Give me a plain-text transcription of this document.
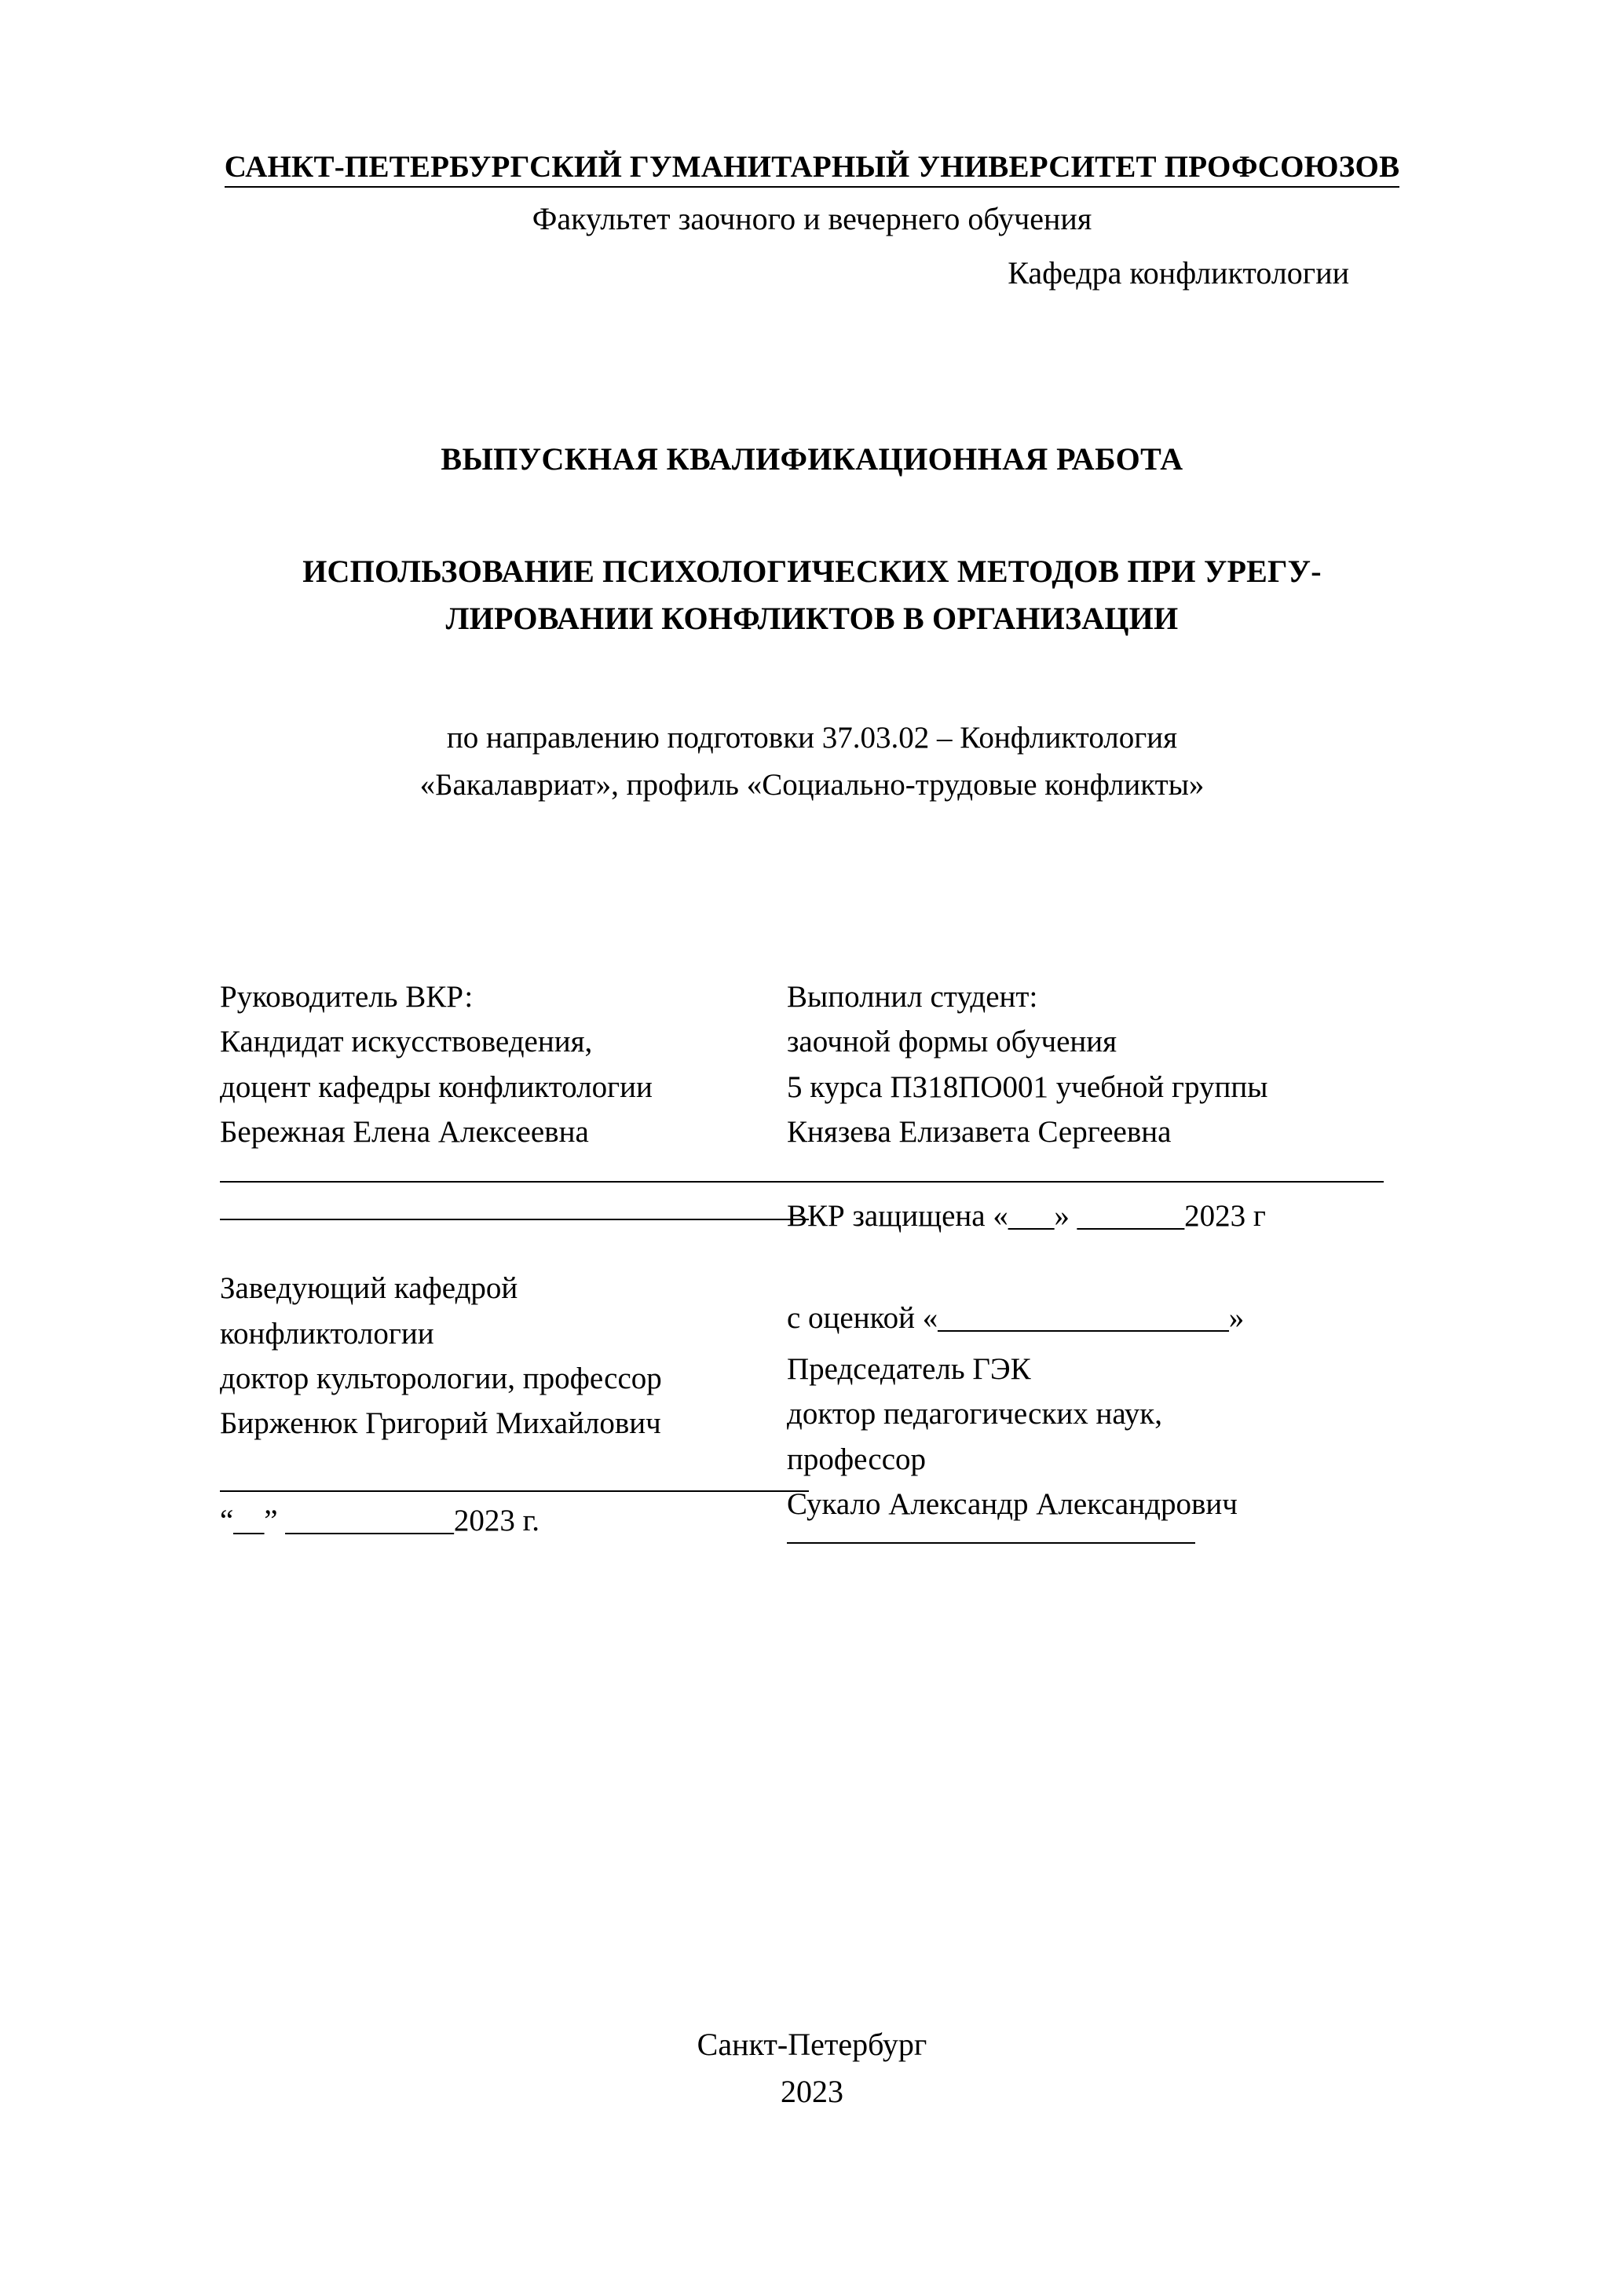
САНКТ-ПЕТЕРБУРГСКИЙ ГУМАНИТАРНЫЙ УНИВЕРСИТЕТ ПРОФСОЮЗОВ
Факультет заочного и вечернего обучения
Кафедра конфликтологии
ВЫПУСКНАЯ КВАЛИФИКАЦИОННАЯ РАБОТА
ИСПОЛЬЗОВАНИЕ ПСИХОЛОГИЧЕСКИХ МЕТОДОВ ПРИ УРЕГУ-
ЛИРОВАНИИ КОНФЛИКТОВ В ОРГАНИЗАЦИИ
по направлению подготовки 37.03.02 – Конфликтология
«Бакалавриат», профиль «Социально-трудовые конфликты»
Руководитель ВКР:
Кандидат искусствоведения,
доцент кафедры конфликтологии
Бережная Елена Алексеевна
Заведующий кафедрой
конфликтологии
доктор культорологии, профессор
Бирженюк Григорий Михайлович
“__” ___________2023 г.
Выполнил студент:
заочной формы обучения
5 курса ПЗ18ПО001 учебной группы
Князева Елизавета Сергеевна
ВКР защищена «___» _______2023 г
с оценкой «___________________»
Председатель ГЭК
доктор педагогических наук,
профессор
Сукало Александр Александрович
Санкт-Петербург
2023
